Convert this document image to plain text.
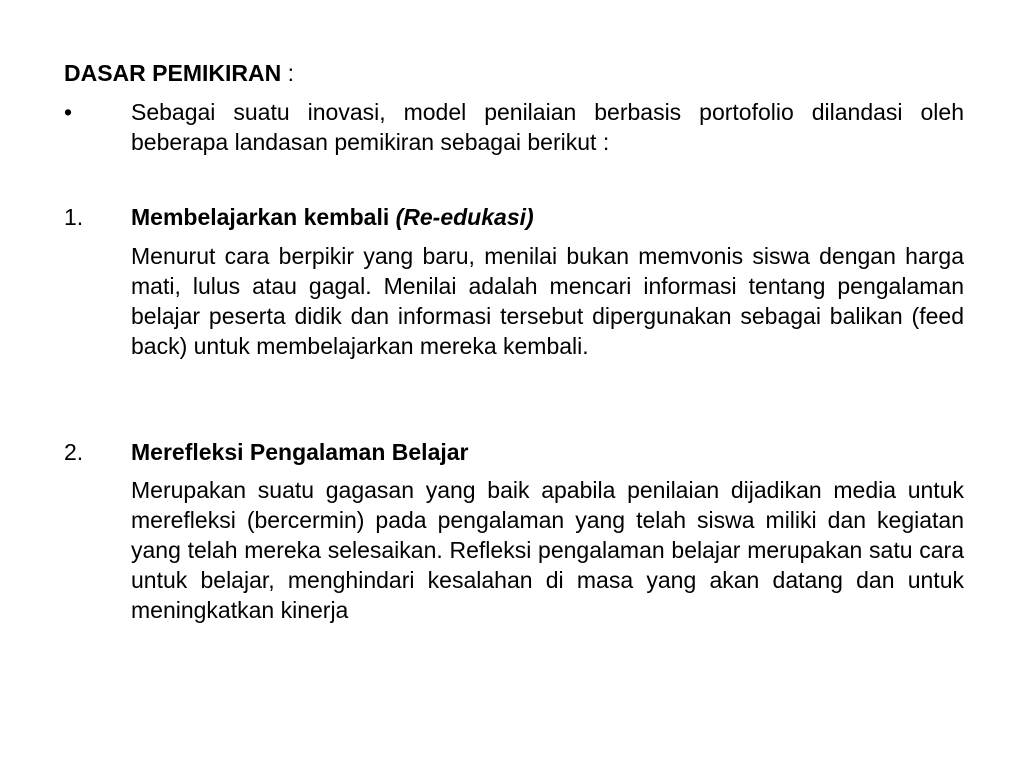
DASAR PEMIKIRAN :
•	Sebagai suatu inovasi, model penilaian berbasis portofolio dilandasi oleh beberapa landasan pemikiran sebagai berikut :
1. Membelajarkan kembali (Re-edukasi)
Menurut cara berpikir yang baru, menilai bukan memvonis siswa dengan harga mati, lulus atau gagal. Menilai adalah mencari informasi tentang pengalaman belajar peserta didik dan informasi tersebut dipergunakan sebagai balikan (feed back) untuk membelajarkan mereka kembali.
2. Merefleksi Pengalaman Belajar
Merupakan suatu gagasan yang baik apabila penilaian dijadikan media untuk merefleksi (bercermin) pada pengalaman yang telah siswa miliki dan kegiatan yang telah mereka selesaikan. Refleksi pengalaman belajar merupakan satu cara untuk belajar, menghindari kesalahan di masa yang akan datang dan untuk meningkatkan kinerja
